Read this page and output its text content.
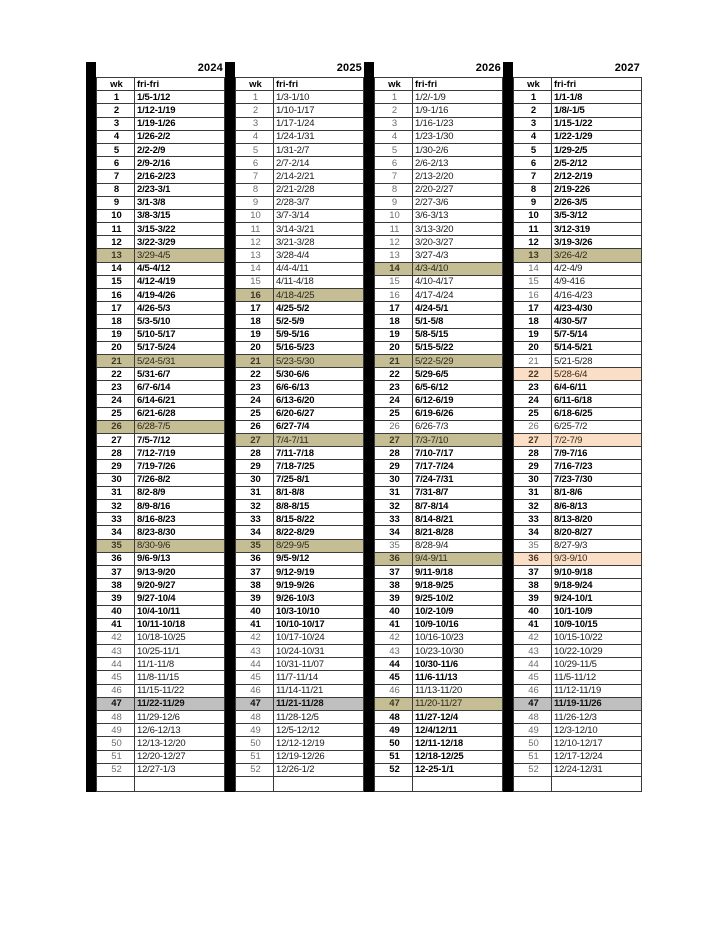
2024
wk	fri-fri
1	1/5-1/12
2	1/12-1/19
3	1/19-1/26
4	1/26-2/2
5	2/2-2/9
6	2/9-2/16
7	2/16-2/23
8	2/23-3/1
9	3/1-3/8
10	3/8-3/15
11	3/15-3/22
12	3/22-3/29
13	3/29-4/5
14	4/5-4/12
15	4/12-4/19
16	4/19-4/26
17	4/26-5/3
18	5/3-5/10
19	5/10-5/17
20	5/17-5/24
21	5/24-5/31
22	5/31-6/7
23	6/7-6/14
24	6/14-6/21
25	6/21-6/28
26	6/28-7/5
27	7/5-7/12
28	7/12-7/19
29	7/19-7/26
30	7/26-8/2
31	8/2-8/9
32	8/9-8/16
33	8/16-8/23
34	8/23-8/30
35	8/30-9/6
36	9/6-9/13
37	9/13-9/20
38	9/20-9/27
39	9/27-10/4
40	10/4-10/11
41	10/11-10/18
42	10/18-10/25
43	10/25-11/1
44	11/1-11/8
45	11/8-11/15
46	11/15-11/22
47	11/22-11/29
48	11/29-12/6
49	12/6-12/13
50	12/13-12/20
51	12/20-12/27
52	12/27-1/3

2025
wk	fri-fri
1	1/3-1/10
2	1/10-1/17
3	1/17-1/24
4	1/24-1/31
5	1/31-2/7
6	2/7-2/14
7	2/14-2/21
8	2/21-2/28
9	2/28-3/7
10	3/7-3/14
11	3/14-3/21
12	3/21-3/28
13	3/28-4/4
14	4/4-4/11
15	4/11-4/18
16	4/18-4/25
17	4/25-5/2
18	5/2-5/9
19	5/9-5/16
20	5/16-5/23
21	5/23-5/30
22	5/30-6/6
23	6/6-6/13
24	6/13-6/20
25	6/20-6/27
26	6/27-7/4
27	7/4-7/11
28	7/11-7/18
29	7/18-7/25
30	7/25-8/1
31	8/1-8/8
32	8/8-8/15
33	8/15-8/22
34	8/22-8/29
35	8/29-9/5
36	9/5-9/12
37	9/12-9/19
38	9/19-9/26
39	9/26-10/3
40	10/3-10/10
41	10/10-10/17
42	10/17-10/24
43	10/24-10/31
44	10/31-11/07
45	11/7-11/14
46	11/14-11/21
47	11/21-11/28
48	11/28-12/5
49	12/5-12/12
50	12/12-12/19
51	12/19-12/26
52	12/26-1/2

2026
wk	fri-fri
1	1/2/-1/9
2	1/9-1/16
3	1/16-1/23
4	1/23-1/30
5	1/30-2/6
6	2/6-2/13
7	2/13-2/20
8	2/20-2/27
9	2/27-3/6
10	3/6-3/13
11	3/13-3/20
12	3/20-3/27
13	3/27-4/3
14	4/3-4/10
15	4/10-4/17
16	4/17-4/24
17	4/24-5/1
18	5/1-5/8
19	5/8-5/15
20	5/15-5/22
21	5/22-5/29
22	5/29-6/5
23	6/5-6/12
24	6/12-6/19
25	6/19-6/26
26	6/26-7/3
27	7/3-7/10
28	7/10-7/17
29	7/17-7/24
30	7/24-7/31
31	7/31-8/7
32	8/7-8/14
33	8/14-8/21
34	8/21-8/28
35	8/28-9/4
36	9/4-9/11
37	9/11-9/18
38	9/18-9/25
39	9/25-10/2
40	10/2-10/9
41	10/9-10/16
42	10/16-10/23
43	10/23-10/30
44	10/30-11/6
45	11/6-11/13
46	11/13-11/20
47	11/20-11/27
48	11/27-12/4
49	12/4/12/11
50	12/11-12/18
51	12/18-12/25
52	12-25-1/1

2027
wk	fri-fri
1	1/1-1/8
2	1/8/-1/5
3	1/15-1/22
4	1/22-1/29
5	1/29-2/5
6	2/5-2/12
7	2/12-2/19
8	2/19-226
9	2/26-3/5
10	3/5-3/12
11	3/12-319
12	3/19-3/26
13	3/26-4/2
14	4/2-4/9
15	4/9-416
16	4/16-4/23
17	4/23-4/30
18	4/30-5/7
19	5/7-5/14
20	5/14-5/21
21	5/21-5/28
22	5/28-6/4
23	6/4-6/11
24	6/11-6/18
25	6/18-6/25
26	6/25-7/2
27	7/2-7/9
28	7/9-7/16
29	7/16-7/23
30	7/23-7/30
31	8/1-8/6
32	8/6-8/13
33	8/13-8/20
34	8/20-8/27
35	8/27-9/3
36	9/3-9/10
37	9/10-9/18
38	9/18-9/24
39	9/24-10/1
40	10/1-10/9
41	10/9-10/15
42	10/15-10/22
43	10/22-10/29
44	10/29-11/5
45	11/5-11/12
46	11/12-11/19
47	11/19-11/26
48	11/26-12/3
49	12/3-12/10
50	12/10-12/17
51	12/17-12/24
52	12/24-12/31
